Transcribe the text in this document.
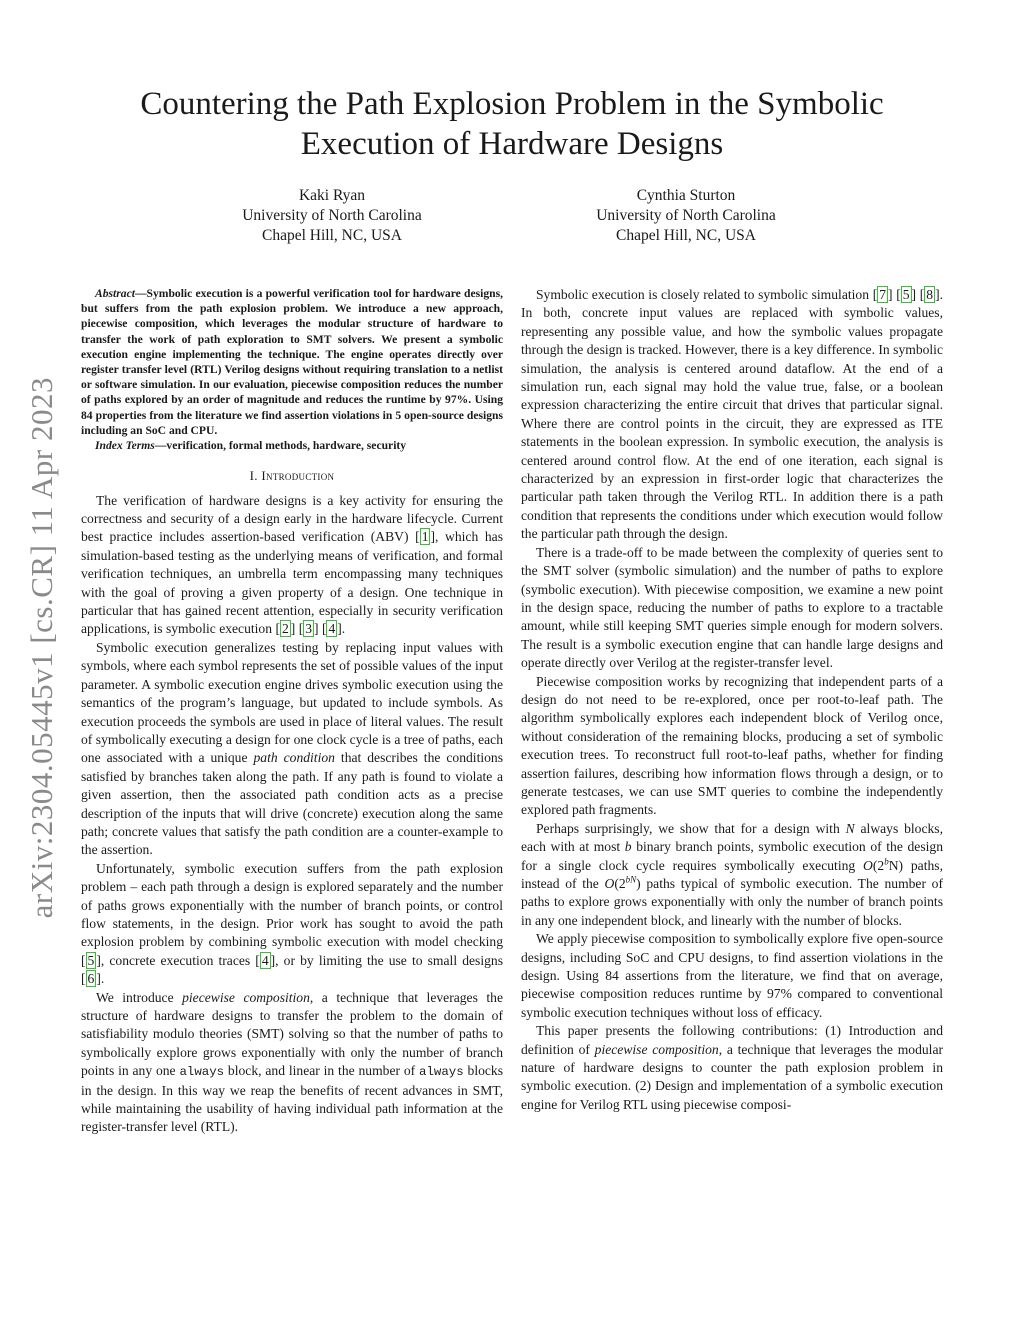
arXiv:2304.05445v1 [cs.CR] 11 Apr 2023
Countering the Path Explosion Problem in the Symbolic
Execution of Hardware Designs
Kaki Ryan
University of North Carolina
Chapel Hill, NC, USA
Cynthia Sturton
University of North Carolina
Chapel Hill, NC, USA

Abstract—Symbolic execution is a powerful verification tool for hardware designs, but suffers from the path explosion problem. We introduce a new approach, piecewise composition, which leverages the modular structure of hardware to transfer the work of path exploration to SMT solvers. We present a symbolic execution engine implementing the technique. The engine operates directly over register transfer level (RTL) Verilog designs without requiring translation to a netlist or software simulation. In our evaluation, piecewise composition reduces the number of paths explored by an order of magnitude and reduces the runtime by 97%. Using 84 properties from the literature we find assertion violations in 5 open-source designs including an SoC and CPU.

Index Terms—verification, formal methods, hardware, security

I. Introduction

The verification of hardware designs is a key activity for ensuring the correctness and security of a design early in the hardware lifecycle. Current best practice includes assertion-based verification (ABV) [ 1 ], which has simulation-based testing as the underlying means of verification, and formal verification techniques, an umbrella term encompassing many techniques with the goal of proving a given property of a design. One technique in particular that has gained recent attention, especially in security verification applications, is symbolic execution [ 2 ] [ 3 ] [ 4 ].

Symbolic execution generalizes testing by replacing input values with symbols, where each symbol represents the set of possible values of the input parameter. A symbolic execution engine drives symbolic execution using the semantics of the program’s language, but updated to include symbols. As execution proceeds the symbols are used in place of literal values. The result of symbolically executing a design for one clock cycle is a tree of paths, each one associated with a unique path condition that describes the conditions satisfied by branches taken along the path. If any path is found to violate a given assertion, then the associated path condition acts as a precise description of the inputs that will drive (concrete) execution along the same path; concrete values that satisfy the path condition are a counter-example to the assertion.

Unfortunately, symbolic execution suffers from the path explosion problem – each path through a design is explored separately and the number of paths grows exponentially with the number of branch points, or control flow statements, in the design. Prior work has sought to avoid the path explosion problem by combining symbolic execution with model checking [ 5 ], concrete execution traces [ 4 ], or by limiting the use to small designs [ 6 ].

We introduce piecewise composition, a technique that leverages the structure of hardware designs to transfer the problem to the domain of satisfiability modulo theories (SMT) solving so that the number of paths to symbolically explore grows exponentially with only the number of branch points in any one always block, and linear in the number of always blocks in the design. In this way we reap the benefits of recent advances in SMT, while maintaining the usability of having individual path information at the register-transfer level (RTL).

Symbolic execution is closely related to symbolic simulation [ 7 ] [ 5 ] [ 8 ]. In both, concrete input values are replaced with symbolic values, representing any possible value, and how the symbolic values propagate through the design is tracked. However, there is a key difference. In symbolic simulation, the analysis is centered around dataflow. At the end of a simulation run, each signal may hold the value true, false, or a boolean expression characterizing the entire circuit that drives that particular signal. Where there are control points in the circuit, they are expressed as ITE statements in the boolean expression. In symbolic execution, the analysis is centered around control flow. At the end of one iteration, each signal is characterized by an expression in first-order logic that characterizes the particular path taken through the Verilog RTL. In addition there is a path condition that represents the conditions under which execution would follow the particular path through the design.

There is a trade-off to be made between the complexity of queries sent to the SMT solver (symbolic simulation) and the number of paths to explore (symbolic execution). With piecewise composition, we examine a new point in the design space, reducing the number of paths to explore to a tractable amount, while still keeping SMT queries simple enough for modern solvers. The result is a symbolic execution engine that can handle large designs and operate directly over Verilog at the register-transfer level.

Piecewise composition works by recognizing that independent parts of a design do not need to be re-explored, once per root-to-leaf path. The algorithm symbolically explores each independent block of Verilog once, without consideration of the remaining blocks, producing a set of symbolic execution trees. To reconstruct full root-to-leaf paths, whether for finding assertion failures, describing how information flows through a design, or to generate testcases, we can use SMT queries to combine the independently explored path fragments.

Perhaps surprisingly, we show that for a design with N always blocks, each with at most b binary branch points, symbolic execution of the design for a single clock cycle requires symbolically executing O(2$^b$N) paths, instead of the $O(2^{bN})$ paths typical of symbolic execution. The number of paths to explore grows exponentially with only the number of branch points in any one independent block, and linearly with the number of blocks.

We apply piecewise composition to symbolically explore five open-source designs, including SoC and CPU designs, to find assertion violations in the design. Using 84 assertions from the literature, we find that on average, piecewise composition reduces runtime by 97% compared to conventional symbolic execution techniques without loss of efficacy.

This paper presents the following contributions: (1) Introduction and definition of piecewise composition, a technique that leverages the modular nature of hardware designs to counter the path explosion problem in symbolic execution. (2) Design and implementation of a symbolic execution engine for Verilog RTL using piecewise composi-
